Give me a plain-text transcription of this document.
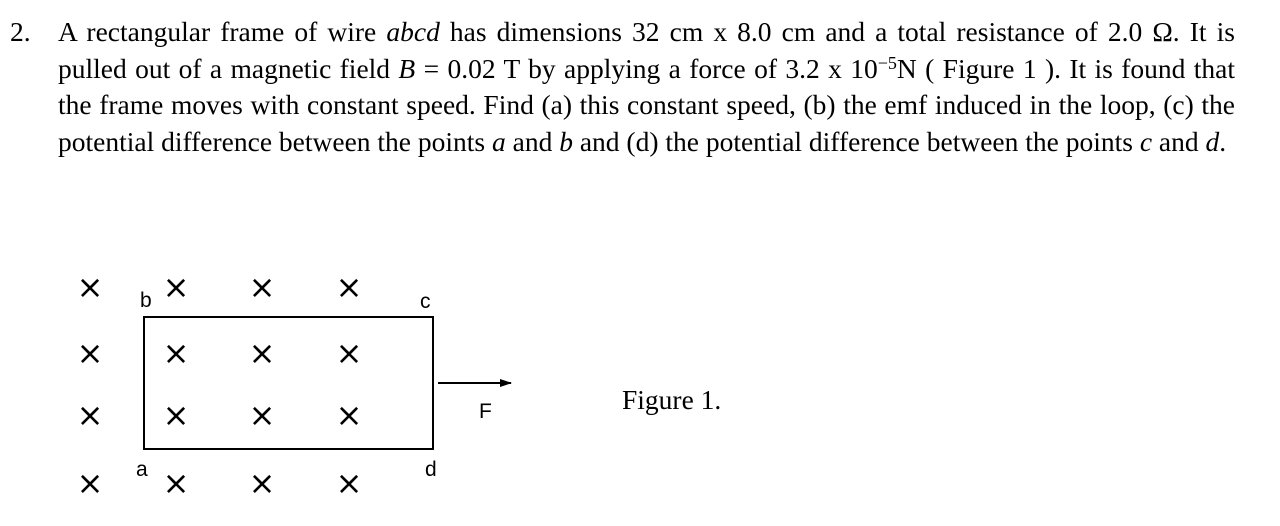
2. A rectangular frame of wire abcd has dimensions 32 cm x 8.0 cm and a total resistance of 2.0 Ω. It is pulled out of a magnetic field B = 0.02 T by applying a force of 3.2 x $10^{-5}N$ ( Figure 1 ). It is found that the frame moves with constant speed. Find (a) this constant speed, (b) the emf induced in the loop, (c) the potential difference between the points a and b and (d) the potential difference between the points c and d.
× × × ×
× × × ×
× × × ×
× × × ×
b	c
a	d
F	Figure 1.
